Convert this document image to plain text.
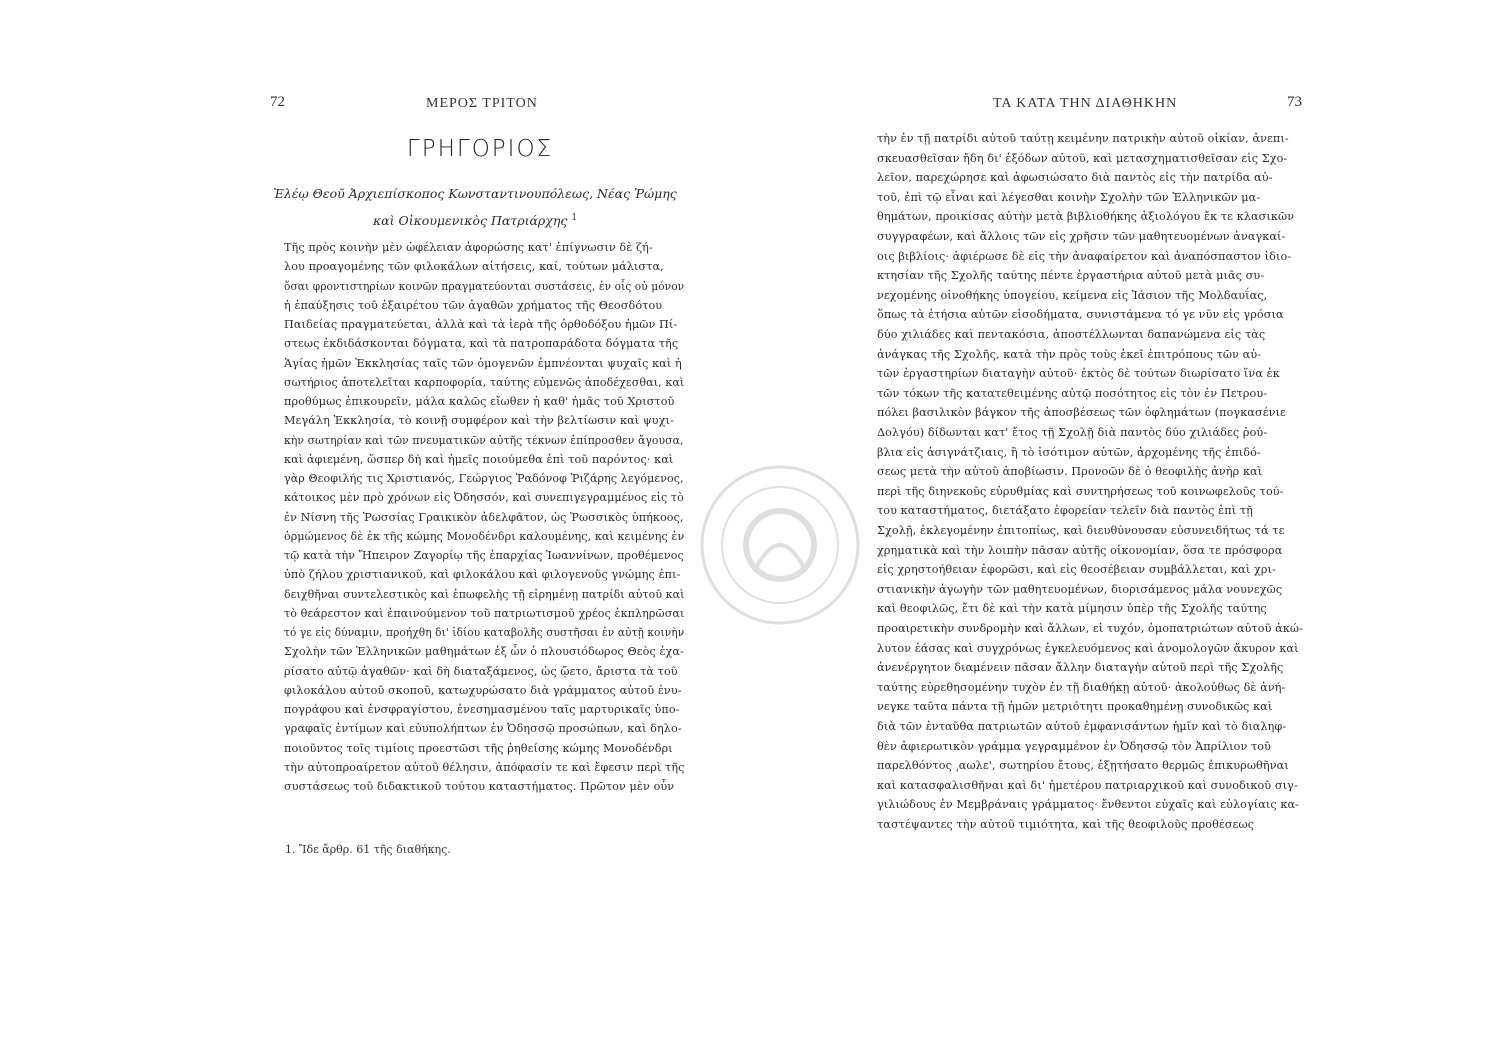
72	ΜΕΡΟΣ ΤΡΙΤΟΝ
ΓΡΗΓΟΡΙΟΣ
Ἐλέῳ Θεοῦ Ἀρχιεπίσκοπος Κωνσταντινουπόλεως, Νέας Ῥώμης
καὶ Οἰκουμενικὸς Πατριάρχης $^1$
Τῆς πρὸς κοινὴν μὲν ὠφέλειαν ἀφορώσης κατ' ἐπίγνωσιν δὲ ζή-
λου προαγομένης τῶν φιλοκάλων αἰτήσεις, καί, τούτων μάλιστα,
ὅσαι φροντιστηρίων κοινῶν πραγματεύονται συστάσεις, ἐν οἷς οὐ μόνον
ἡ ἐπαύξησις τοῦ ἐξαιρέτου τῶν ἀγαθῶν χρήματος τῆς Θεοσδότου
Παιδείας πραγματεύεται, ἀλλὰ καὶ τὰ ἱερὰ τῆς ὀρθοδόξου ἡμῶν Πί-
στεως ἐκδιδάσκονται δόγματα, καὶ τὰ πατροπαράδοτα δόγματα τῆς
Ἁγίας ἡμῶν Ἐκκλησίας ταῖς τῶν ὁμογενῶν ἐμπνέονται ψυχαῖς καὶ ἡ
σωτήριος ἀποτελεῖται καρποφορία, ταύτης εὐμενῶς ἀποδέχεσθαι, καὶ
προθύμως ἐπικουρεῖν, μάλα καλῶς εἴωθεν ἡ καθ' ἡμᾶς τοῦ Χριστοῦ
Μεγάλη Ἐκκλησία, τὸ κοινῇ συμφέρον καὶ τὴν βελτίωσιν καὶ ψυχι-
κὴν σωτηρίαν καὶ τῶν πνευματικῶν αὐτῆς τέκνων ἐπίπροσθεν ἄγουσα,
καὶ ἀφιεμένη, ὥσπερ δὴ καὶ ἡμεῖς ποιούμεθα ἐπὶ τοῦ παρόντος· καὶ
γὰρ Θεοφιλής τις Χριστιανός, Γεώργιος Ῥαδόνοφ Ῥιζάρης λεγόμενος,
κάτοικος μὲν πρὸ χρόνων εἰς Ὀδησσόν, καὶ συνεπιγεγραμμένος εἰς τὸ
ἐν Νίσνη τῆς Ῥωσσίας Γραικικὸν ἀδελφᾶτον, ὡς Ῥωσσικὸς ὑπήκοος,
ὁρμώμενος δὲ ἐκ τῆς κώμης Μονοδένδρι καλουμένης, καὶ κειμένης ἐν
τῷ κατὰ τὴν Ἤπειρον Ζαγορίῳ τῆς ἐπαρχίας Ἰωαννίνων, προθέμενος
ὑπὸ ζήλου χριστιανικοῦ, καὶ φιλοκάλου καὶ φιλογενοῦς γνώμης ἐπι-
δειχθῆναι συντελεστικὸς καὶ ἐπωφελὴς τῇ εἰρημένῃ πατρίδι αὐτοῦ καὶ
τὸ θεάρεστον καὶ ἐπαινούμενον τοῦ πατριωτισμοῦ χρέος ἐκπληρῶσαι
τό γε εἰς δύναμιν, προήχθη δι' ἰδίου καταβολῆς συστῆσαι ἐν αὐτῇ κοινὴν
Σχολὴν τῶν Ἑλληνικῶν μαθημάτων ἐξ ὧν ὁ πλουσιόδωρος Θεὸς ἐχα-
ρίσατο αὐτῷ ἀγαθῶν· καὶ δὴ διαταξάμενος, ὡς ᾤετο, ἄριστα τὰ τοῦ
φιλοκάλου αὐτοῦ σκοποῦ, κατωχυρώσατο διὰ γράμματος αὐτοῦ ἐνυ-
πογράφου καὶ ἐνσφραγίστου, ἐνεσημασμένου ταῖς μαρτυρικαῖς ὑπο-
γραφαῖς ἐντίμων καὶ εὐυπολήπτων ἐν Ὀδησσῷ προσώπων, καὶ δηλο-
ποιοῦντος τοῖς τιμίοις προεστῶσι τῆς ῥηθείσης κώμης Μονοδένδρι
τὴν αὐτοπροαίρετον αὐτοῦ θέλησιν, ἀπόφασίν τε καὶ ἔφεσιν περὶ τῆς
συστάσεως τοῦ διδακτικοῦ τούτου καταστήματος. Πρῶτον μὲν οὖν
1. Ἴδε ἄρθρ. 61 τῆς διαθήκης.
ΤΑ ΚΑΤΑ ΤΗΝ ΔΙΑΘΗΚΗΝ	73
τὴν ἐν τῇ πατρίδι αὐτοῦ ταύτῃ κειμένην πατρικὴν αὐτοῦ οἰκίαν, ἀνεπι-
σκευασθεῖσαν ἤδη δι' ἐξόδων αὐτοῦ, καὶ μετασχηματισθεῖσαν εἰς Σχο-
λεῖον, παρεχώρησε καὶ ἀφωσιώσατο διὰ παντὸς εἰς τὴν πατρίδα αὐ-
τοῦ, ἐπὶ τῷ εἶναι καὶ λέγεσθαι κοινὴν Σχολὴν τῶν Ἑλληνικῶν μα-
θημάτων, προικίσας αὐτὴν μετὰ βιβλιοθήκης ἀξιολόγου ἔκ τε κλασικῶν
συγγραφέων, καὶ ἄλλοις τῶν εἰς χρῆσιν τῶν μαθητευομένων ἀναγκαί-
οις βιβλίοις· ἀφιέρωσε δὲ εἰς τὴν ἀναφαίρετον καὶ ἀναπόσπαστον ἰδιο-
κτησίαν τῆς Σχολῆς ταύτης πέντε ἐργαστήρια αὐτοῦ μετὰ μιᾶς συ-
νεχομένης οἰνοθήκης ὑπογείου, κείμενα εἰς Ἰάσιον τῆς Μολδαυΐας,
ὅπως τὰ ἐτήσια αὐτῶν εἰσοδήματα, συνιστάμενα τό γε νῦν εἰς γρόσια
δύο χιλιάδες καὶ πεντακόσια, ἀποστέλλωνται δαπανώμενα εἰς τὰς
ἀνάγκας τῆς Σχολῆς, κατὰ τὴν πρὸς τοὺς ἐκεῖ ἐπιτρόπους τῶν αὐ-
τῶν ἐργαστηρίων διαταγὴν αὐτοῦ· ἐκτὸς δὲ τούτων διωρίσατο ἵνα ἐκ
τῶν τόκων τῆς κατατεθειμένης αὐτῷ ποσότητος εἰς τὸν ἐν Πετρου-
πόλει βασιλικὸν βάγκον τῆς ἀποσβέσεως τῶν ὀφλημάτων (πογκασένιε
Δολγόυ) δίδωνται κατ' ἔτος τῇ Σχολῇ διὰ παντὸς δύο χιλιάδες ῥού-
βλια εἰς ἀσιγνάτζιαις, ἢ τὸ ἰσότιμον αὐτῶν, ἀρχομένης τῆς ἐπιδό-
σεως μετὰ τὴν αὐτοῦ ἀποβίωσιν. Προνοῶν δὲ ὁ θεοφιλὴς ἀνὴρ καὶ
περὶ τῆς διηνεκοῦς εὐρυθμίας καὶ συντηρήσεως τοῦ κοινωφελοῦς τού-
του καταστήματος, διετάξατο ἐφορείαν τελεῖν διὰ παντὸς ἐπὶ τῇ
Σχολῇ, ἐκλεγομένην ἐπιτοπίως, καὶ διευθύνουσαν εὐσυνειδήτως τά τε
χρηματικὰ καὶ τὴν λοιπὴν πᾶσαν αὐτῆς οἰκονομίαν, ὅσα τε πρόσφορα
εἰς χρηστοήθειαν ἐφορῶσι, καὶ εἰς θεοσέβειαν συμβάλλεται, καὶ χρι-
στιανικὴν ἀγωγὴν τῶν μαθητευομένων, διορισάμενος μάλα νουνεχῶς
καὶ θεοφιλῶς, ἔτι δὲ καὶ τὴν κατὰ μίμησιν ὑπὲρ τῆς Σχολῆς ταύτης
προαιρετικὴν συνδρομὴν καὶ ἄλλων, εἰ τυχόν, ὁμοπατριώτων αὐτοῦ ἀκώ-
λυτον ἐάσας καὶ συγχρόνως ἐγκελευόμενος καὶ ἀνομολογῶν ἄκυρον καὶ
ἀνενέργητον διαμένειν πᾶσαν ἄλλην διαταγὴν αὐτοῦ περὶ τῆς Σχολῆς
ταύτης εὑρεθησομένην τυχὸν ἐν τῇ διαθήκῃ αὐτοῦ· ἀκολούθως δὲ ἀνή-
νεγκε ταῦτα πάντα τῇ ἡμῶν μετριότητι προκαθημένῃ συνοδικῶς καὶ
διὰ τῶν ἐνταῦθα πατριωτῶν αὐτοῦ ἐμφανισάντων ἡμῖν καὶ τὸ διαληφ-
θὲν ἀφιερωτικὸν γράμμα γεγραμμένον ἐν Ὀδησσῷ τὸν Ἀπρίλιον τοῦ
παρελθόντος ͵αωλε', σωτηρίου ἔτους, ἐξῃτήσατο θερμῶς ἐπικυρωθῆναι
καὶ κατασφαλισθῆναι καὶ δι' ἡμετέρου πατριαρχικοῦ καὶ συνοδικοῦ σιγ-
γιλιώδους ἐν Μεμβράναις γράμματος· ἔνθεντοι εὐχαῖς καὶ εὐλογίαις κα-
ταστέψαντες τὴν αὐτοῦ τιμιότητα, καὶ τῆς θεοφιλοῦς προθέσεως
